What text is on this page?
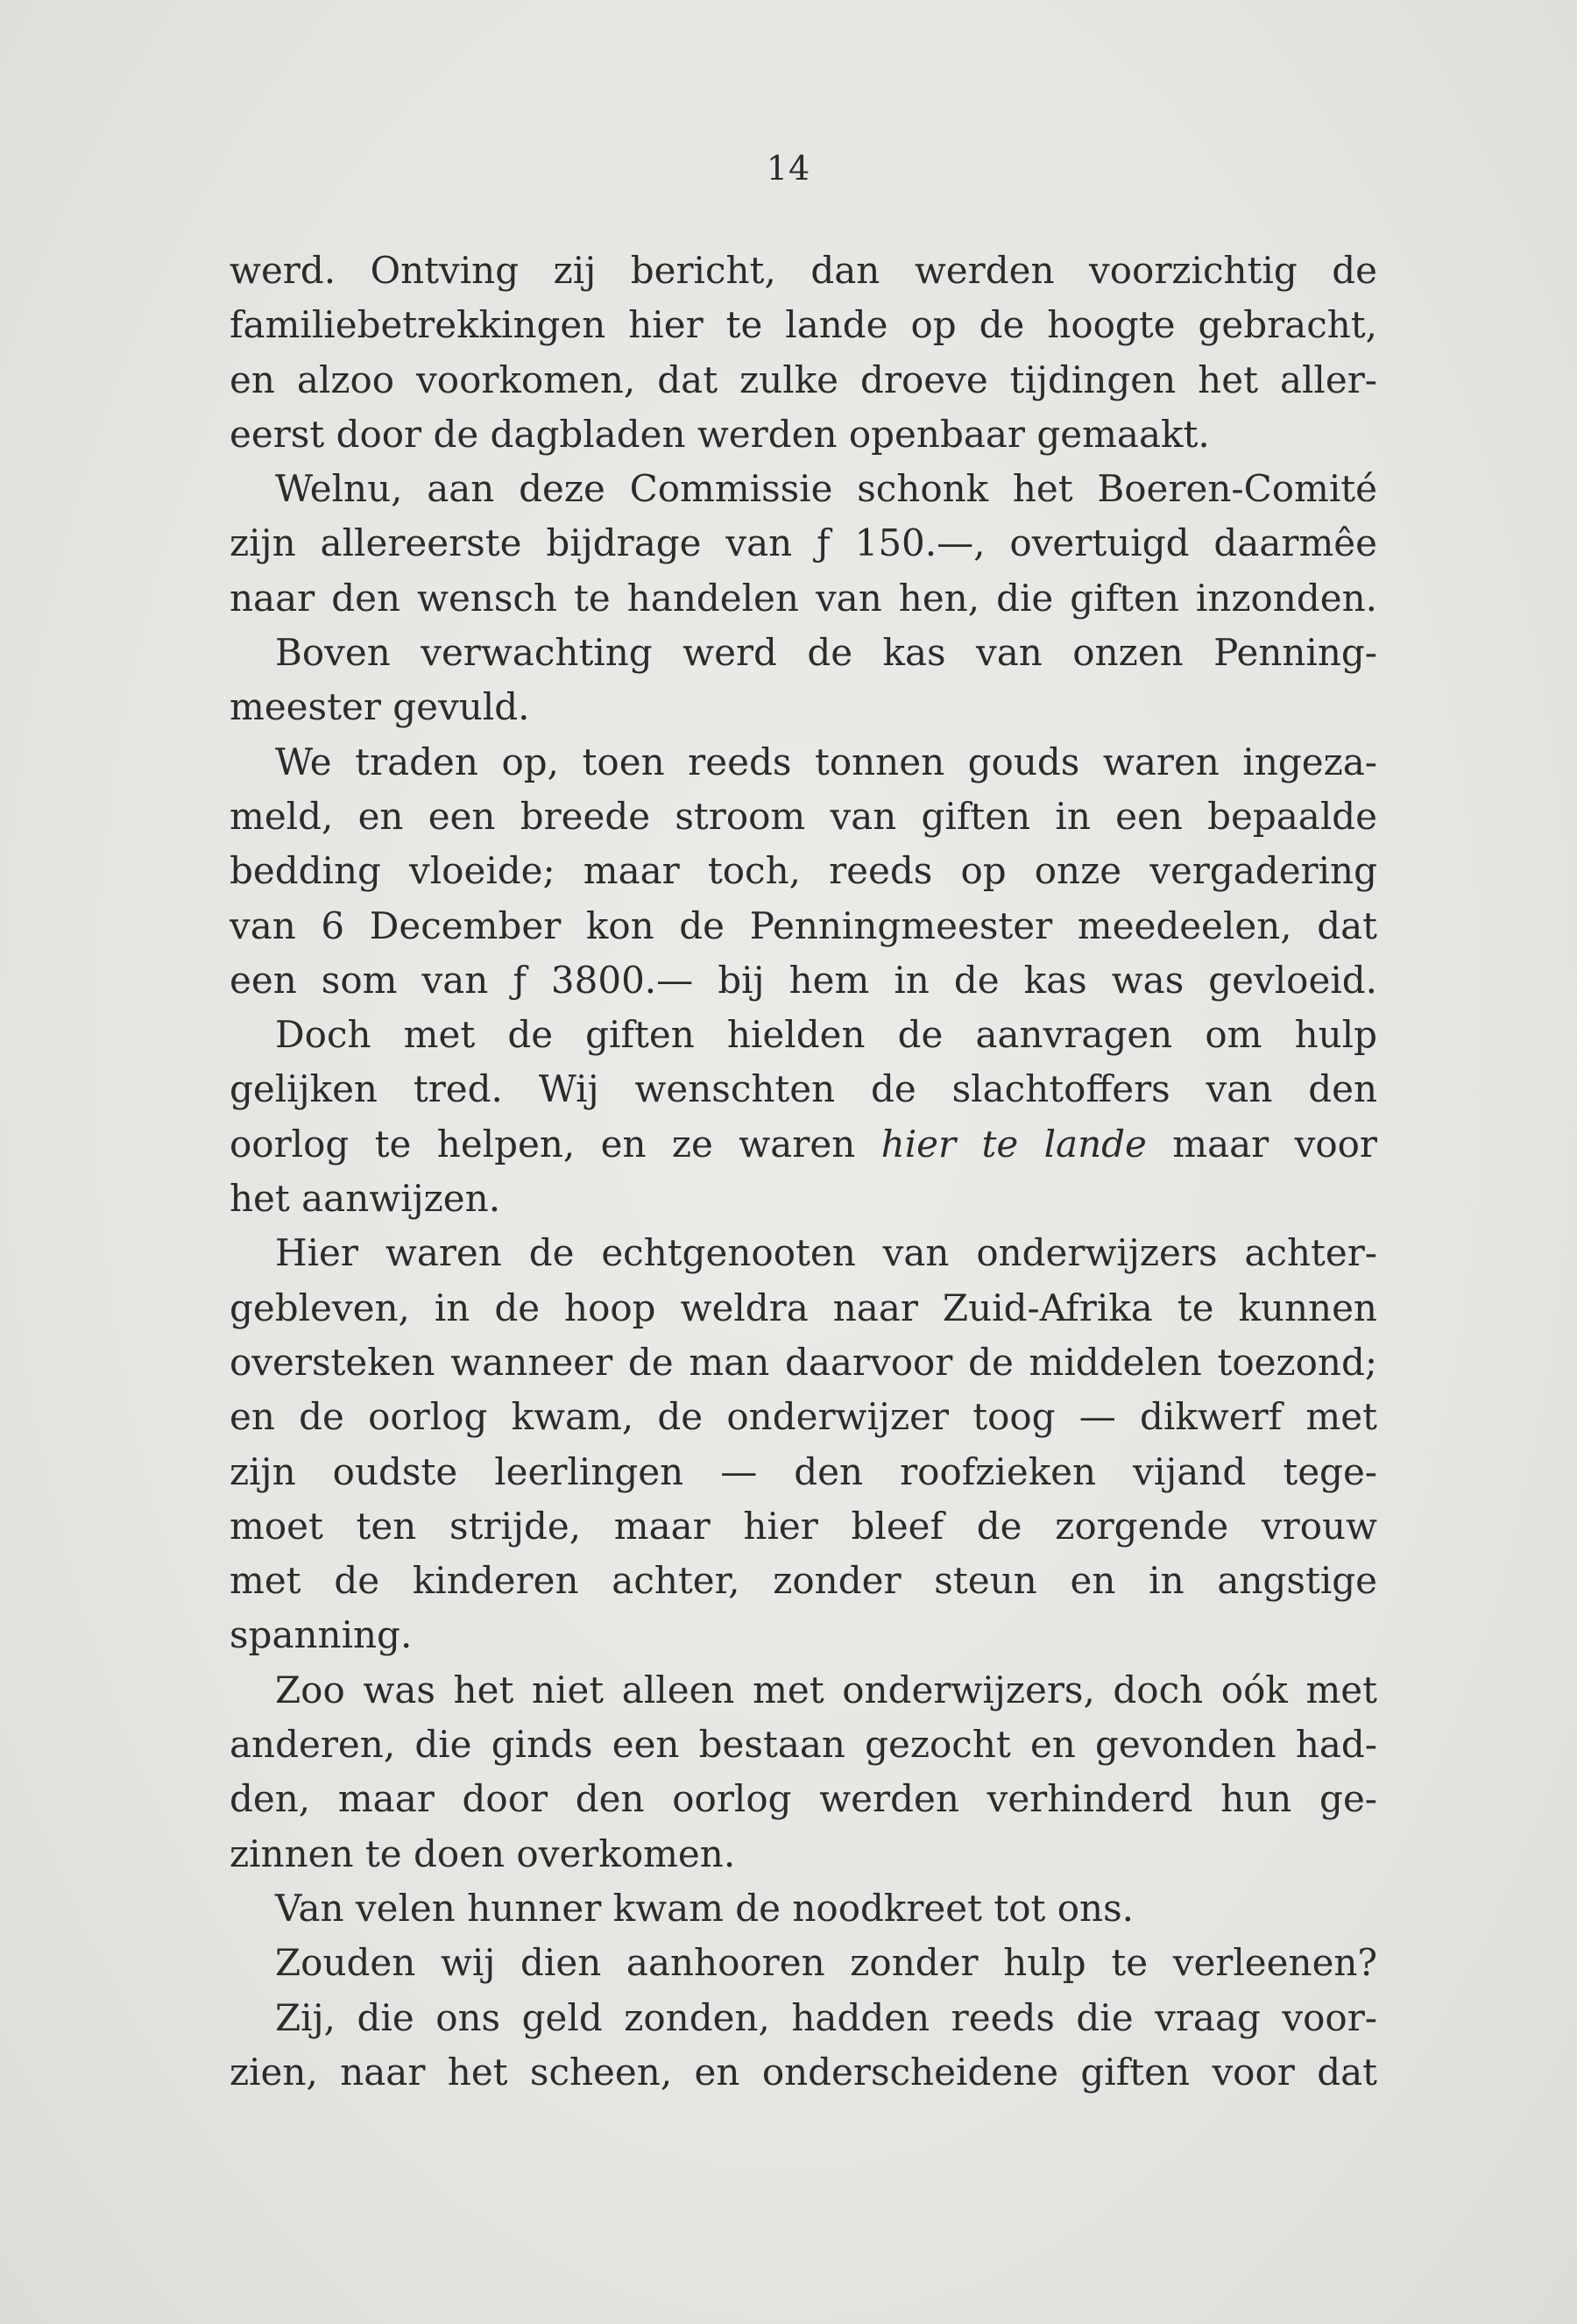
14
werd. Ontving zij bericht, dan werden voorzichtig de
familiebetrekkingen hier te lande op de hoogte gebracht,
en alzoo voorkomen, dat zulke droeve tijdingen het aller-
eerst door de dagbladen werden openbaar gemaakt.
Welnu, aan deze Commissie schonk het Boeren-Comité
zijn allereerste bijdrage van ƒ 150.—, overtuigd daarmêe
naar den wensch te handelen van hen, die giften inzonden.
Boven verwachting werd de kas van onzen Penning-
meester gevuld.
We traden op, toen reeds tonnen gouds waren ingeza-
meld, en een breede stroom van giften in een bepaalde
bedding vloeide; maar toch, reeds op onze vergadering
van 6 December kon de Penningmeester meedeelen, dat
een som van ƒ 3800.— bij hem in de kas was gevloeid.
Doch met de giften hielden de aanvragen om hulp
gelijken tred. Wij wenschten de slachtoffers van den
oorlog te helpen, en ze waren hier te lande maar voor
het aanwijzen.
Hier waren de echtgenooten van onderwijzers achter-
gebleven, in de hoop weldra naar Zuid-Afrika te kunnen
oversteken wanneer de man daarvoor de middelen toezond;
en de oorlog kwam, de onderwijzer toog — dikwerf met
zijn oudste leerlingen — den roofzieken vijand tege-
moet ten strijde, maar hier bleef de zorgende vrouw
met de kinderen achter, zonder steun en in angstige
spanning.
Zoo was het niet alleen met onderwijzers, doch oók met
anderen, die ginds een bestaan gezocht en gevonden had-
den, maar door den oorlog werden verhinderd hun ge-
zinnen te doen overkomen.
Van velen hunner kwam de noodkreet tot ons.
Zouden wij dien aanhooren zonder hulp te verleenen?
Zij, die ons geld zonden, hadden reeds die vraag voor-
zien, naar het scheen, en onderscheidene giften voor dat
